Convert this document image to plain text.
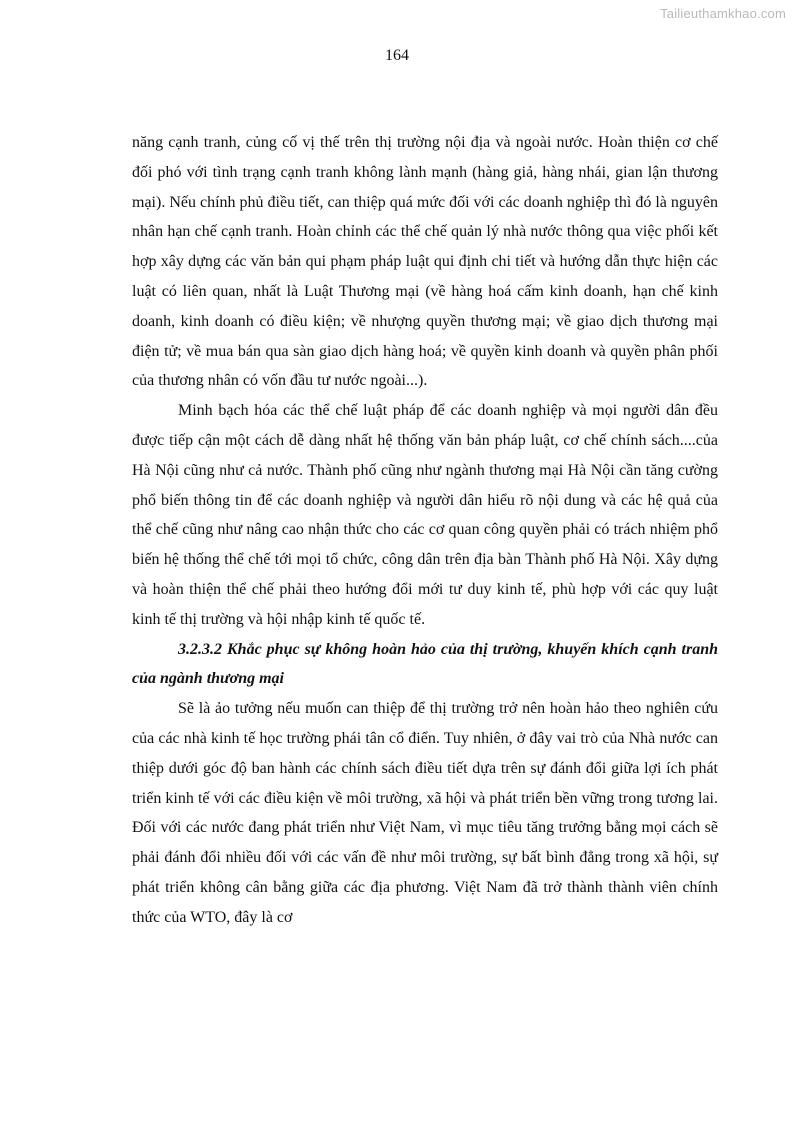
Tailieuthamkhao.com
164

năng cạnh tranh, củng cố vị thế trên thị trường nội địa và ngoài nước. Hoàn thiện cơ chế đối phó với tình trạng cạnh tranh không lành mạnh (hàng giả, hàng nhái, gian lận thương mại). Nếu chính phủ điều tiết, can thiệp quá mức đối với các doanh nghiệp thì đó là nguyên nhân hạn chế cạnh tranh. Hoàn chỉnh các thể chế quản lý nhà nước thông qua việc phối kết hợp xây dựng các văn bản qui phạm pháp luật qui định chi tiết và hướng dẫn thực hiện các luật có liên quan, nhất là Luật Thương mại (về hàng hoá cấm kinh doanh, hạn chế kinh doanh, kinh doanh có điều kiện; về nhượng quyền thương mại; về giao dịch thương mại điện tử; về mua bán qua sàn giao dịch hàng hoá; về quyền kinh doanh và quyền phân phối của thương nhân có vốn đầu tư nước ngoài...).

Minh bạch hóa các thể chế luật pháp để các doanh nghiệp và mọi người dân đều được tiếp cận một cách dễ dàng nhất hệ thống văn bản pháp luật, cơ chế chính sách....của Hà Nội cũng như cả nước. Thành phố cũng như ngành thương mại Hà Nội cần tăng cường phổ biến thông tin để các doanh nghiệp và người dân hiểu rõ nội dung và các hệ quả của thể chế cũng như nâng cao nhận thức cho các cơ quan công quyền phải có trách nhiệm phổ biến hệ thống thể chế tới mọi tổ chức, công dân trên địa bàn Thành phố Hà Nội. Xây dựng và hoàn thiện thể chế phải theo hướng đổi mới tư duy kinh tế, phù hợp với các quy luật kinh tế thị trường và hội nhập kinh tế quốc tế.

3.2.3.2 Khắc phục sự không hoàn hảo của thị trường, khuyến khích cạnh tranh của ngành thương mại

Sẽ là ảo tưởng nếu muốn can thiệp để thị trường trở nên hoàn hảo theo nghiên cứu của các nhà kinh tế học trường phái tân cổ điển. Tuy nhiên, ở đây vai trò của Nhà nước can thiệp dưới góc độ ban hành các chính sách điều tiết dựa trên sự đánh đổi giữa lợi ích phát triển kinh tế với các điều kiện về môi trường, xã hội và phát triển bền vững trong tương lai. Đối với các nước đang phát triển như Việt Nam, vì mục tiêu tăng trưởng bằng mọi cách sẽ phải đánh đổi nhiều đối với các vấn đề như môi trường, sự bất bình đẳng trong xã hội, sự phát triển không cân bằng giữa các địa phương. Việt Nam đã trở thành thành viên chính thức của WTO, đây là cơ
